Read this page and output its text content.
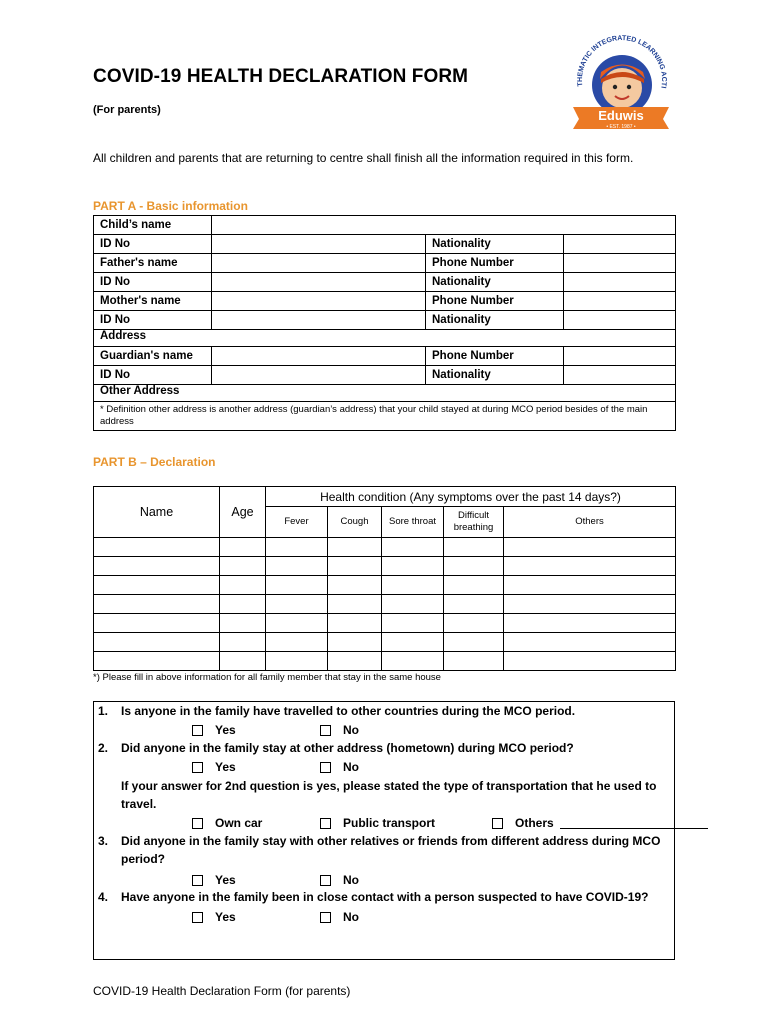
THEMATIC INTEGRATED LEARNING ACTI
Eduwis
• EST. 1987 •
COVID-19 HEALTH DECLARATION FORM
(For parents)
All children and parents that are returning to centre shall finish all the information required in this form.
PART A - Basic information
Child’s name			
ID No		Nationality	
Father's name		Phone Number	
ID No		Nationality	
Mother's name		Phone Number	
ID No		Nationality	
Address			
Guardian's name		Phone Number	
ID No		Nationality	
Other Address			
* Definition other address is another address (guardian’s address) that your child stayed at during MCO period besides of the main address			
PART B – Declaration
Name	Age	Health condition (Any symptoms over the past 14 days?)				
		Fever	Cough	Sore throat	Difficult breathing	Others

*) Please fill in above information for all family member that stay in the same house
1. Is anyone in the family have travelled to other countries during the MCO period.
Yes	No
2. Did anyone in the family stay at other address (hometown) during MCO period?
Yes	No
If your answer for 2nd question is yes, please stated the type of transportation that he used to travel.
Own car	Public transport	Others
3. Did anyone in the family stay with other relatives or friends from different address during MCO period?
Yes	No
4. Have anyone in the family been in close contact with a person suspected to have COVID-19?
Yes	No
COVID-19 Health Declaration Form (for parents)
